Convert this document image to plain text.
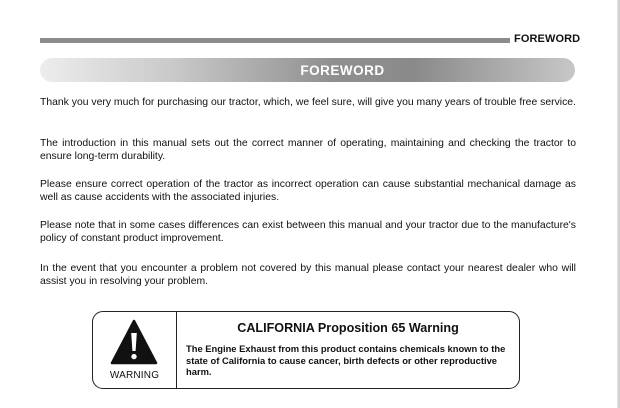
FOREWORD
FOREWORD
Thank you very much for purchasing our tractor, which, we feel sure, will give you many years of trouble free service.
The introduction in this manual sets out the correct manner of operating, maintaining and checking the tractor to ensure long-term durability.
Please ensure correct operation of the tractor as incorrect operation can cause substantial mechanical damage as well as cause accidents with the associated injuries.
Please note that in some cases differences can exist between this manual and your tractor due to the manufacture's policy of constant product improvement.
In the event that you encounter a problem not covered by this manual please contact your nearest dealer who will assist you in resolving your problem.
WARNING
CALIFORNIA Proposition 65 Warning
The Engine Exhaust from this product contains chemicals known to the state of California to cause cancer, birth defects or other reproductive harm.
